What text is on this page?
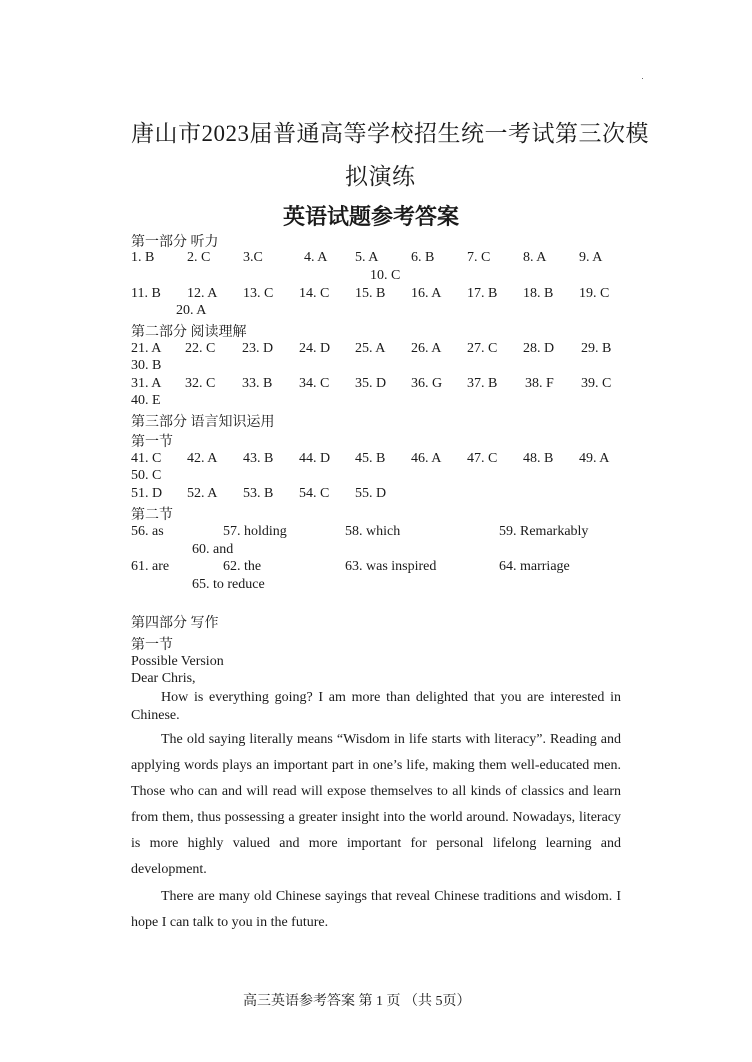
唐山市2023届普通高等学校招生统一考试第三次模
拟演练
英语试题参考答案
第一部分 听力
1. B 2. C 3.C	4. A 5. A 6. B 7. C 8. A 9. A
10. C
11. B 12. A 13. C 14. C 15. B 16. A 17. B 18. B 19. C
20. A
第二部分 阅读理解
21. A 22. C 23. D 24. D 25. A 26. A 27. C 28. D 29. B
30. B
31. A 32. C 33. B 34. C 35. D 36. G 37. B 38. F 39. C
40. E
第三部分 语言知识运用
第一节
41. C 42. A 43. B 44. D 45. B 46. A 47. C 48. B 49. A
50. C
51. D 52. A 53. B 54. C 55. D
第二节
56. as	57. holding	58. which	59. Remarkably
60. and
61. are	62. the	63. was inspired	64. marriage
65. to reduce
第四部分 写作
第一节
Possible Version
Dear Chris,
How is everything going? I am more than delighted that you are interested in Chinese.
The old saying literally means “Wisdom in life starts with literacy”. Reading and applying words plays an important part in one’s life, making them well-educated men. Those who can and will read will expose themselves to all kinds of classics and learn from them, thus possessing a greater insight into the world around. Nowadays, literacy is more highly valued and more important for personal lifelong learning and development.
There are many old Chinese sayings that reveal Chinese traditions and wisdom. I hope I can talk to you in the future.
高三英语参考答案 第 1 页 （共 5页）
